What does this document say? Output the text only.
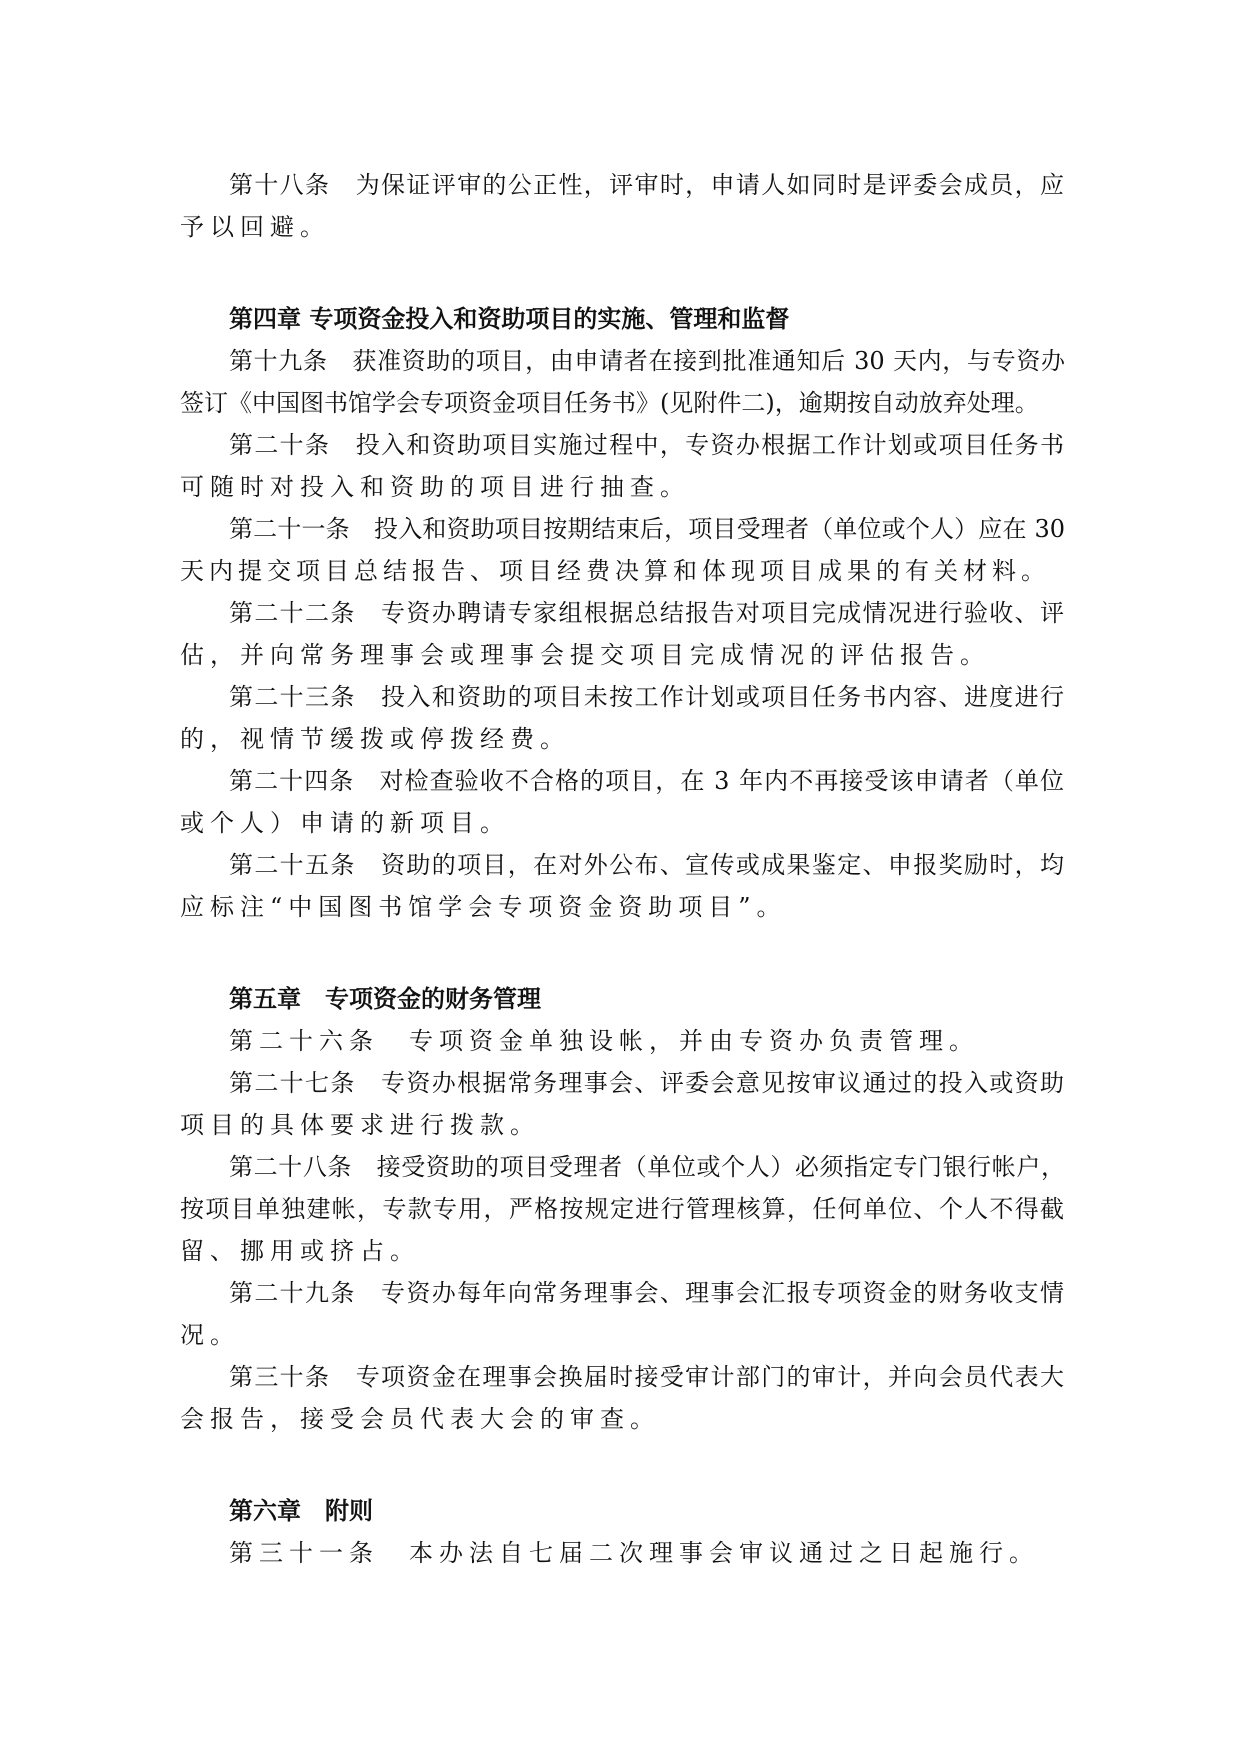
第十八条　为保证评审的公正性，评审时，申请人如同时是评委会成员，应
予以回避。
第四章 专项资金投入和资助项目的实施、管理和监督
第十九条　获准资助的项目，由申请者在接到批准通知后 30 天内，与专资办
签订《中国图书馆学会专项资金项目任务书》(见附件二)，逾期按自动放弃处理。
第二十条　投入和资助项目实施过程中，专资办根据工作计划或项目任务书
可随时对投入和资助的项目进行抽查。
第二十一条　投入和资助项目按期结束后，项目受理者（单位或个人）应在 30
天内提交项目总结报告、项目经费决算和体现项目成果的有关材料。
第二十二条　专资办聘请专家组根据总结报告对项目完成情况进行验收、评
估，并向常务理事会或理事会提交项目完成情况的评估报告。
第二十三条　投入和资助的项目未按工作计划或项目任务书内容、进度进行
的，视情节缓拨或停拨经费。
第二十四条　对检查验收不合格的项目，在 3 年内不再接受该申请者（单位
或个人）申请的新项目。
第二十五条　资助的项目，在对外公布、宣传或成果鉴定、申报奖励时，均
应标注“中国图书馆学会专项资金资助项目”。
第五章　专项资金的财务管理
第二十六条　专项资金单独设帐，并由专资办负责管理。
第二十七条　专资办根据常务理事会、评委会意见按审议通过的投入或资助
项目的具体要求进行拨款。
第二十八条　接受资助的项目受理者（单位或个人）必须指定专门银行帐户，
按项目单独建帐，专款专用，严格按规定进行管理核算，任何单位、个人不得截
留、挪用或挤占。
第二十九条　专资办每年向常务理事会、理事会汇报专项资金的财务收支情
况。
第三十条　专项资金在理事会换届时接受审计部门的审计，并向会员代表大
会报告，接受会员代表大会的审查。
第六章　附则
第三十一条　本办法自七届二次理事会审议通过之日起施行。
